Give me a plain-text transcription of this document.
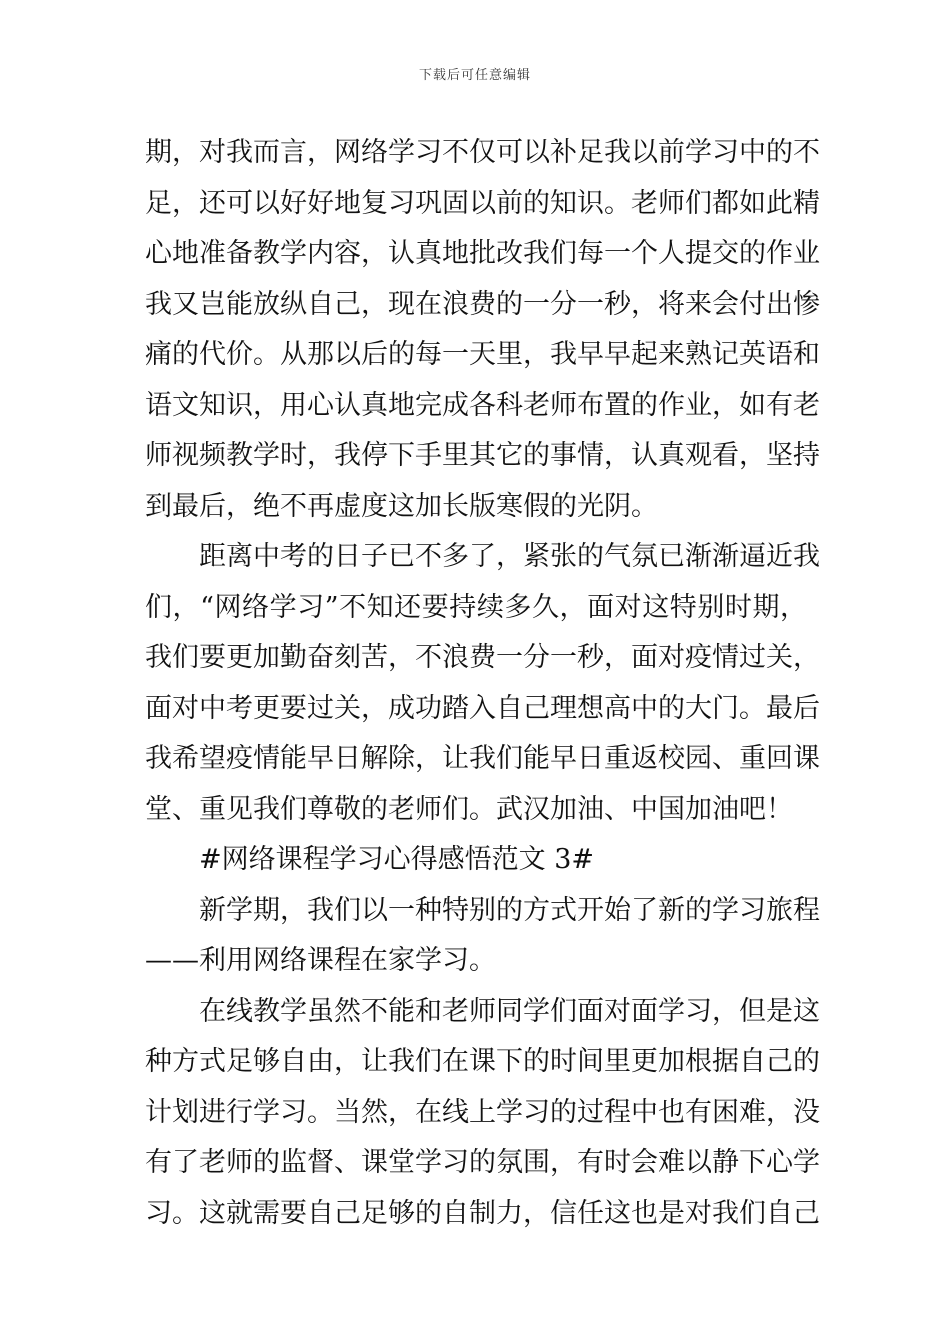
下载后可任意编辑
期，对我而言，网络学习不仅可以补足我以前学习中的不
足，还可以好好地复习巩固以前的知识。老师们都如此精
心地准备教学内容，认真地批改我们每一个人提交的作业
我又岂能放纵自己，现在浪费的一分一秒，将来会付出惨
痛的代价。从那以后的每一天里，我早早起来熟记英语和
语文知识，用心认真地完成各科老师布置的作业，如有老
师视频教学时，我停下手里其它的事情，认真观看，坚持
到最后，绝不再虚度这加长版寒假的光阴。
距离中考的日子已不多了，紧张的气氛已渐渐逼近我
们，“网络学习”不知还要持续多久，面对这特别时期，
我们要更加勤奋刻苦，不浪费一分一秒，面对疫情过关，
面对中考更要过关，成功踏入自己理想高中的大门。最后
我希望疫情能早日解除，让我们能早日重返校园、重回课
堂、重见我们尊敬的老师们。武汉加油、中国加油吧！
#网络课程学习心得感悟范文 3#
新学期，我们以一种特别的方式开始了新的学习旅程
——利用网络课程在家学习。
在线教学虽然不能和老师同学们面对面学习，但是这
种方式足够自由，让我们在课下的时间里更加根据自己的
计划进行学习。当然，在线上学习的过程中也有困难，没
有了老师的监督、课堂学习的氛围，有时会难以静下心学
习。这就需要自己足够的自制力，信任这也是对我们自己
